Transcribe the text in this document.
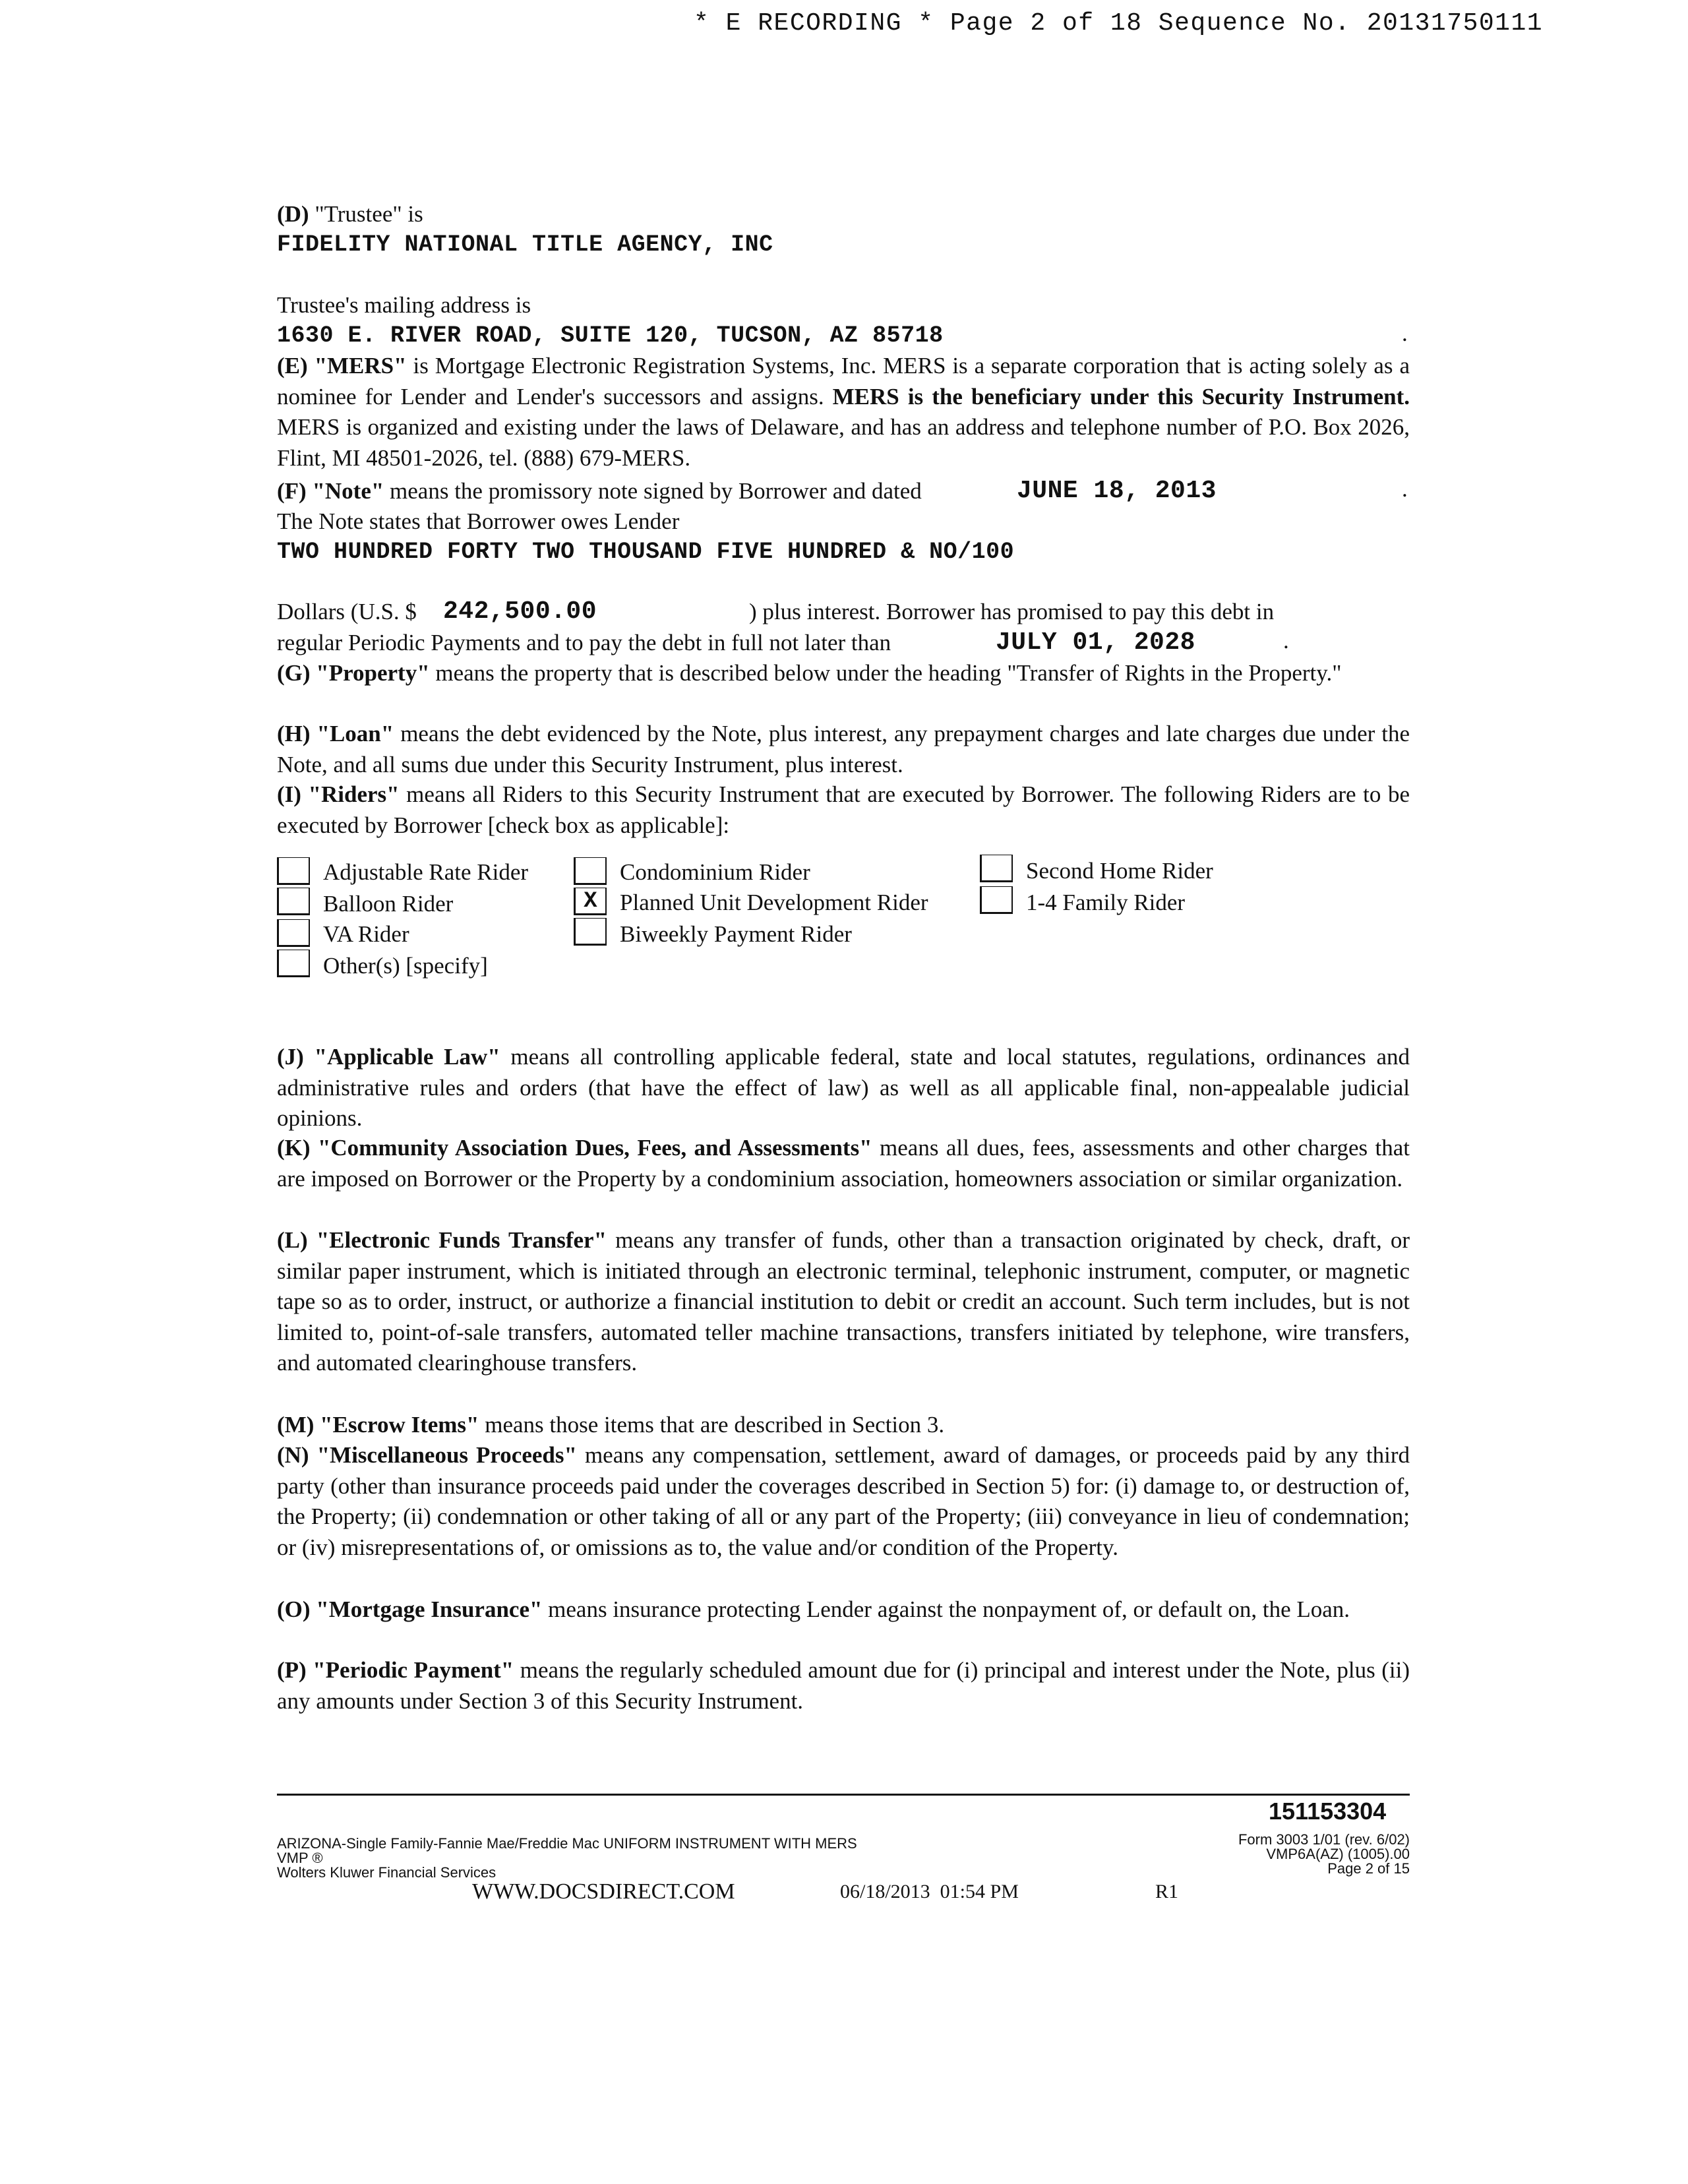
* E RECORDING * Page 2 of 18 Sequence No. 20131750111
(D) "Trustee" is
FIDELITY NATIONAL TITLE AGENCY, INC
Trustee's mailing address is
1630 E. RIVER ROAD, SUITE 120, TUCSON, AZ 85718	.
(E) "MERS" is Mortgage Electronic Registration Systems, Inc. MERS is a separate corporation that is acting solely as a nominee for Lender and Lender's successors and assigns. MERS is the beneficiary under this Security Instrument. MERS is organized and existing under the laws of Delaware, and has an address and telephone number of P.O. Box 2026, Flint, MI 48501-2026, tel. (888) 679-MERS.
(F) "Note" means the promissory note signed by Borrower and dated	JUNE 18, 2013	.
The Note states that Borrower owes Lender
TWO HUNDRED FORTY TWO THOUSAND FIVE HUNDRED & NO/100
Dollars (U.S. $ 242,500.00	) plus interest. Borrower has promised to pay this debt in
regular Periodic Payments and to pay the debt in full not later than	JULY 01, 2028	.
(G) "Property" means the property that is described below under the heading "Transfer of Rights in the Property."
(H) "Loan" means the debt evidenced by the Note, plus interest, any prepayment charges and late charges due under the Note, and all sums due under this Security Instrument, plus interest.
(I) "Riders" means all Riders to this Security Instrument that are executed by Borrower. The following Riders are to be executed by Borrower [check box as applicable]:
Adjustable Rate Rider	Condominium Rider	Second Home Rider
Balloon Rider	X Planned Unit Development Rider	1-4 Family Rider
VA Rider	Biweekly Payment Rider
Other(s) [specify]
(J) "Applicable Law" means all controlling applicable federal, state and local statutes, regulations, ordinances and administrative rules and orders (that have the effect of law) as well as all applicable final, non-appealable judicial opinions.
(K) "Community Association Dues, Fees, and Assessments" means all dues, fees, assessments and other charges that are imposed on Borrower or the Property by a condominium association, homeowners association or similar organization.
(L) "Electronic Funds Transfer" means any transfer of funds, other than a transaction originated by check, draft, or similar paper instrument, which is initiated through an electronic terminal, telephonic instrument, computer, or magnetic tape so as to order, instruct, or authorize a financial institution to debit or credit an account. Such term includes, but is not limited to, point-of-sale transfers, automated teller machine transactions, transfers initiated by telephone, wire transfers, and automated clearinghouse transfers.
(M) "Escrow Items" means those items that are described in Section 3.
(N) "Miscellaneous Proceeds" means any compensation, settlement, award of damages, or proceeds paid by any third party (other than insurance proceeds paid under the coverages described in Section 5) for: (i) damage to, or destruction of, the Property; (ii) condemnation or other taking of all or any part of the Property; (iii) conveyance in lieu of condemnation; or (iv) misrepresentations of, or omissions as to, the value and/or condition of the Property.
(O) "Mortgage Insurance" means insurance protecting Lender against the nonpayment of, or default on, the Loan.
(P) "Periodic Payment" means the regularly scheduled amount due for (i) principal and interest under the Note, plus (ii) any amounts under Section 3 of this Security Instrument.
151153304
ARIZONA-Single Family-Fannie Mae/Freddie Mac UNIFORM INSTRUMENT WITH MERS
VMP ®
Wolters Kluwer Financial Services
Form 3003 1/01 (rev. 6/02)
VMP6A(AZ) (1005).00
Page 2 of 15
WWW.DOCSDIRECT.COM	06/18/2013  01:54 PM	R1
